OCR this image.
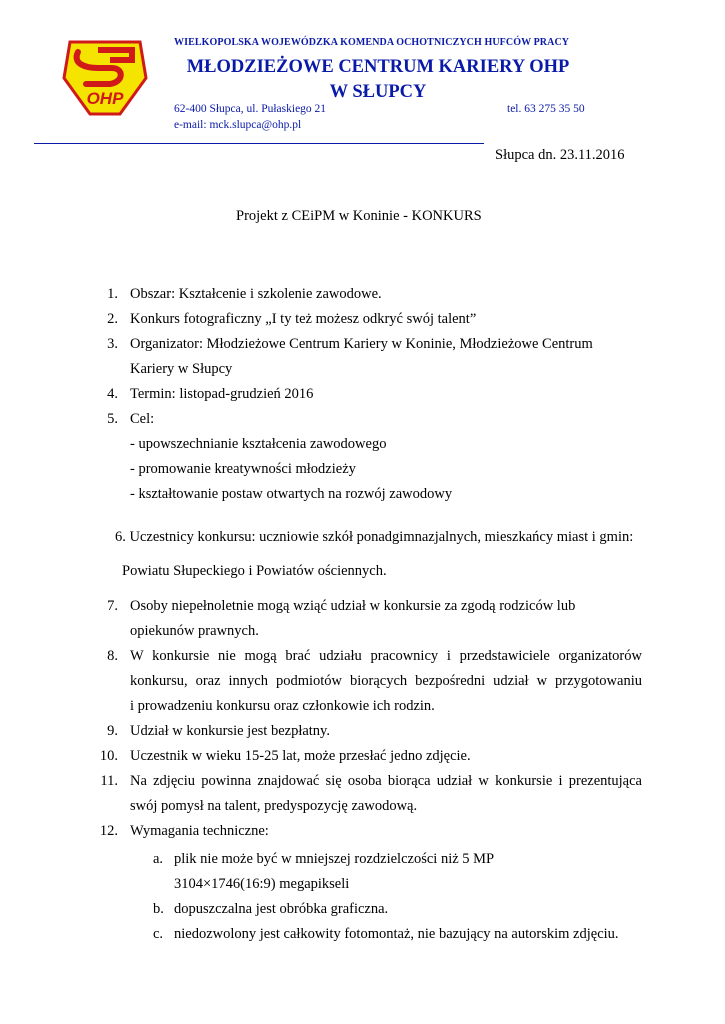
OHP
WIELKOPOLSKA WOJEWÓDZKA KOMENDA OCHOTNICZYCH HUFCÓW PRACY
MŁODZIEŻOWE CENTRUM KARIERY OHP
W SŁUPCY
62-400 Słupca, ul. Pułaskiego 21	tel. 63 275 35 50
e-mail: mck.slupca@ohp.pl
Słupca dn. 23.11.2016
Projekt z CEiPM w Koninie - KONKURS
1. Obszar: Kształcenie i szkolenie zawodowe.
2. Konkurs fotograficzny „I ty też możesz odkryć swój talent”
3. Organizator: Młodzieżowe Centrum Kariery w Koninie, Młodzieżowe Centrum
Kariery w Słupcy
4. Termin: listopad-grudzień 2016
5. Cel:
- upowszechnianie kształcenia zawodowego
- promowanie kreatywności młodzieży
- kształtowanie postaw otwartych na rozwój zawodowy
6. Uczestnicy konkursu: uczniowie szkół ponadgimnazjalnych, mieszkańcy miast i gmin:
Powiatu Słupeckiego i Powiatów ościennych.
7. Osoby niepełnoletnie mogą wziąć udział w konkursie za zgodą rodziców lub
opiekunów prawnych.
8. W konkursie nie mogą brać udziału pracownicy i przedstawiciele organizatorów
konkursu, oraz innych podmiotów biorących bezpośredni udział w przygotowaniu
i prowadzeniu konkursu oraz członkowie ich rodzin.
9. Udział w konkursie jest bezpłatny.
10. Uczestnik w wieku 15-25 lat, może przesłać jedno zdjęcie.
11. Na zdjęciu powinna znajdować się osoba biorąca udział w konkursie i prezentująca
swój pomysł na talent, predyspozycję zawodową.
12. Wymagania techniczne:
a. plik nie może być w mniejszej rozdzielczości niż 5 MP
3104×1746(16:9) megapikseli
b. dopuszczalna jest obróbka graficzna.
c. niedozwolony jest całkowity fotomontaż, nie bazujący na autorskim zdjęciu.
